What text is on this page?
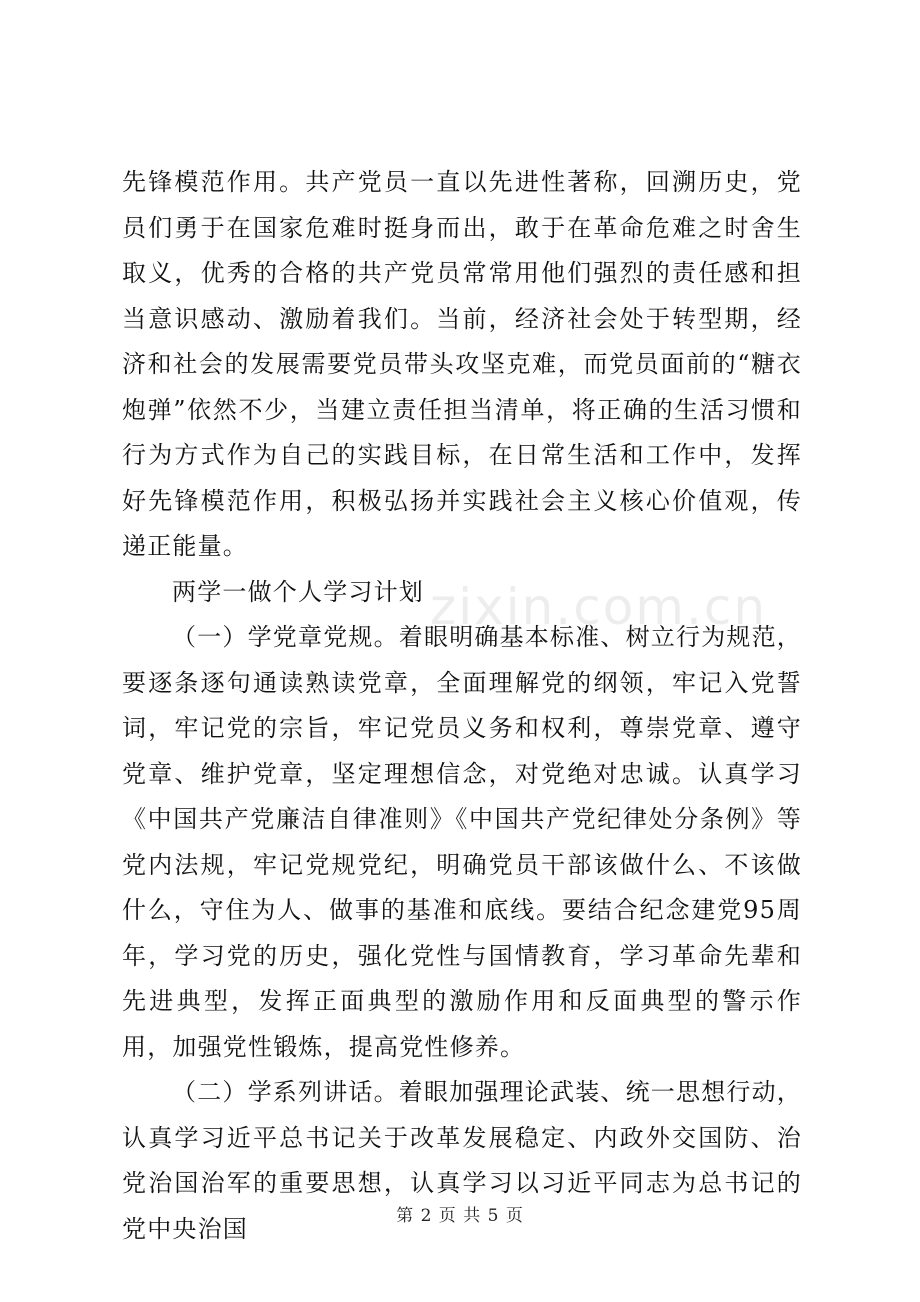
先锋模范作用。共产党员一直以先进性著称，回溯历史，党员们勇于在国家危难时挺身而出，敢于在革命危难之时舍生取义，优秀的合格的共产党员常常用他们强烈的责任感和担当意识感动、激励着我们。当前，经济社会处于转型期，经济和社会的发展需要党员带头攻坚克难，而党员面前的“糖衣炮弹”依然不少，当建立责任担当清单，将正确的生活习惯和行为方式作为自己的实践目标，在日常生活和工作中，发挥好先锋模范作用，积极弘扬并实践社会主义核心价值观，传递正能量。

两学一做个人学习计划

（一）学党章党规。着眼明确基本标准、树立行为规范，要逐条逐句通读熟读党章，全面理解党的纲领，牢记入党誓词，牢记党的宗旨，牢记党员义务和权利，尊崇党章、遵守党章、维护党章，坚定理想信念，对党绝对忠诚。认真学习《中国共产党廉洁自律准则》《中国共产党纪律处分条例》等党内法规，牢记党规党纪，明确党员干部该做什么、不该做什么，守住为人、做事的基准和底线。要结合纪念建党95周年，学习党的历史，强化党性与国情教育，学习革命先辈和先进典型，发挥正面典型的激励作用和反面典型的警示作用，加强党性锻炼，提高党性修养。

（二）学系列讲话。着眼加强理论武装、统一思想行动，认真学习近平总书记关于改革发展稳定、内政外交国防、治党治国治军的重要思想，认真学习以习近平同志为总书记的党中央治国

zixin.com.cn
第 2 页 共 5 页
